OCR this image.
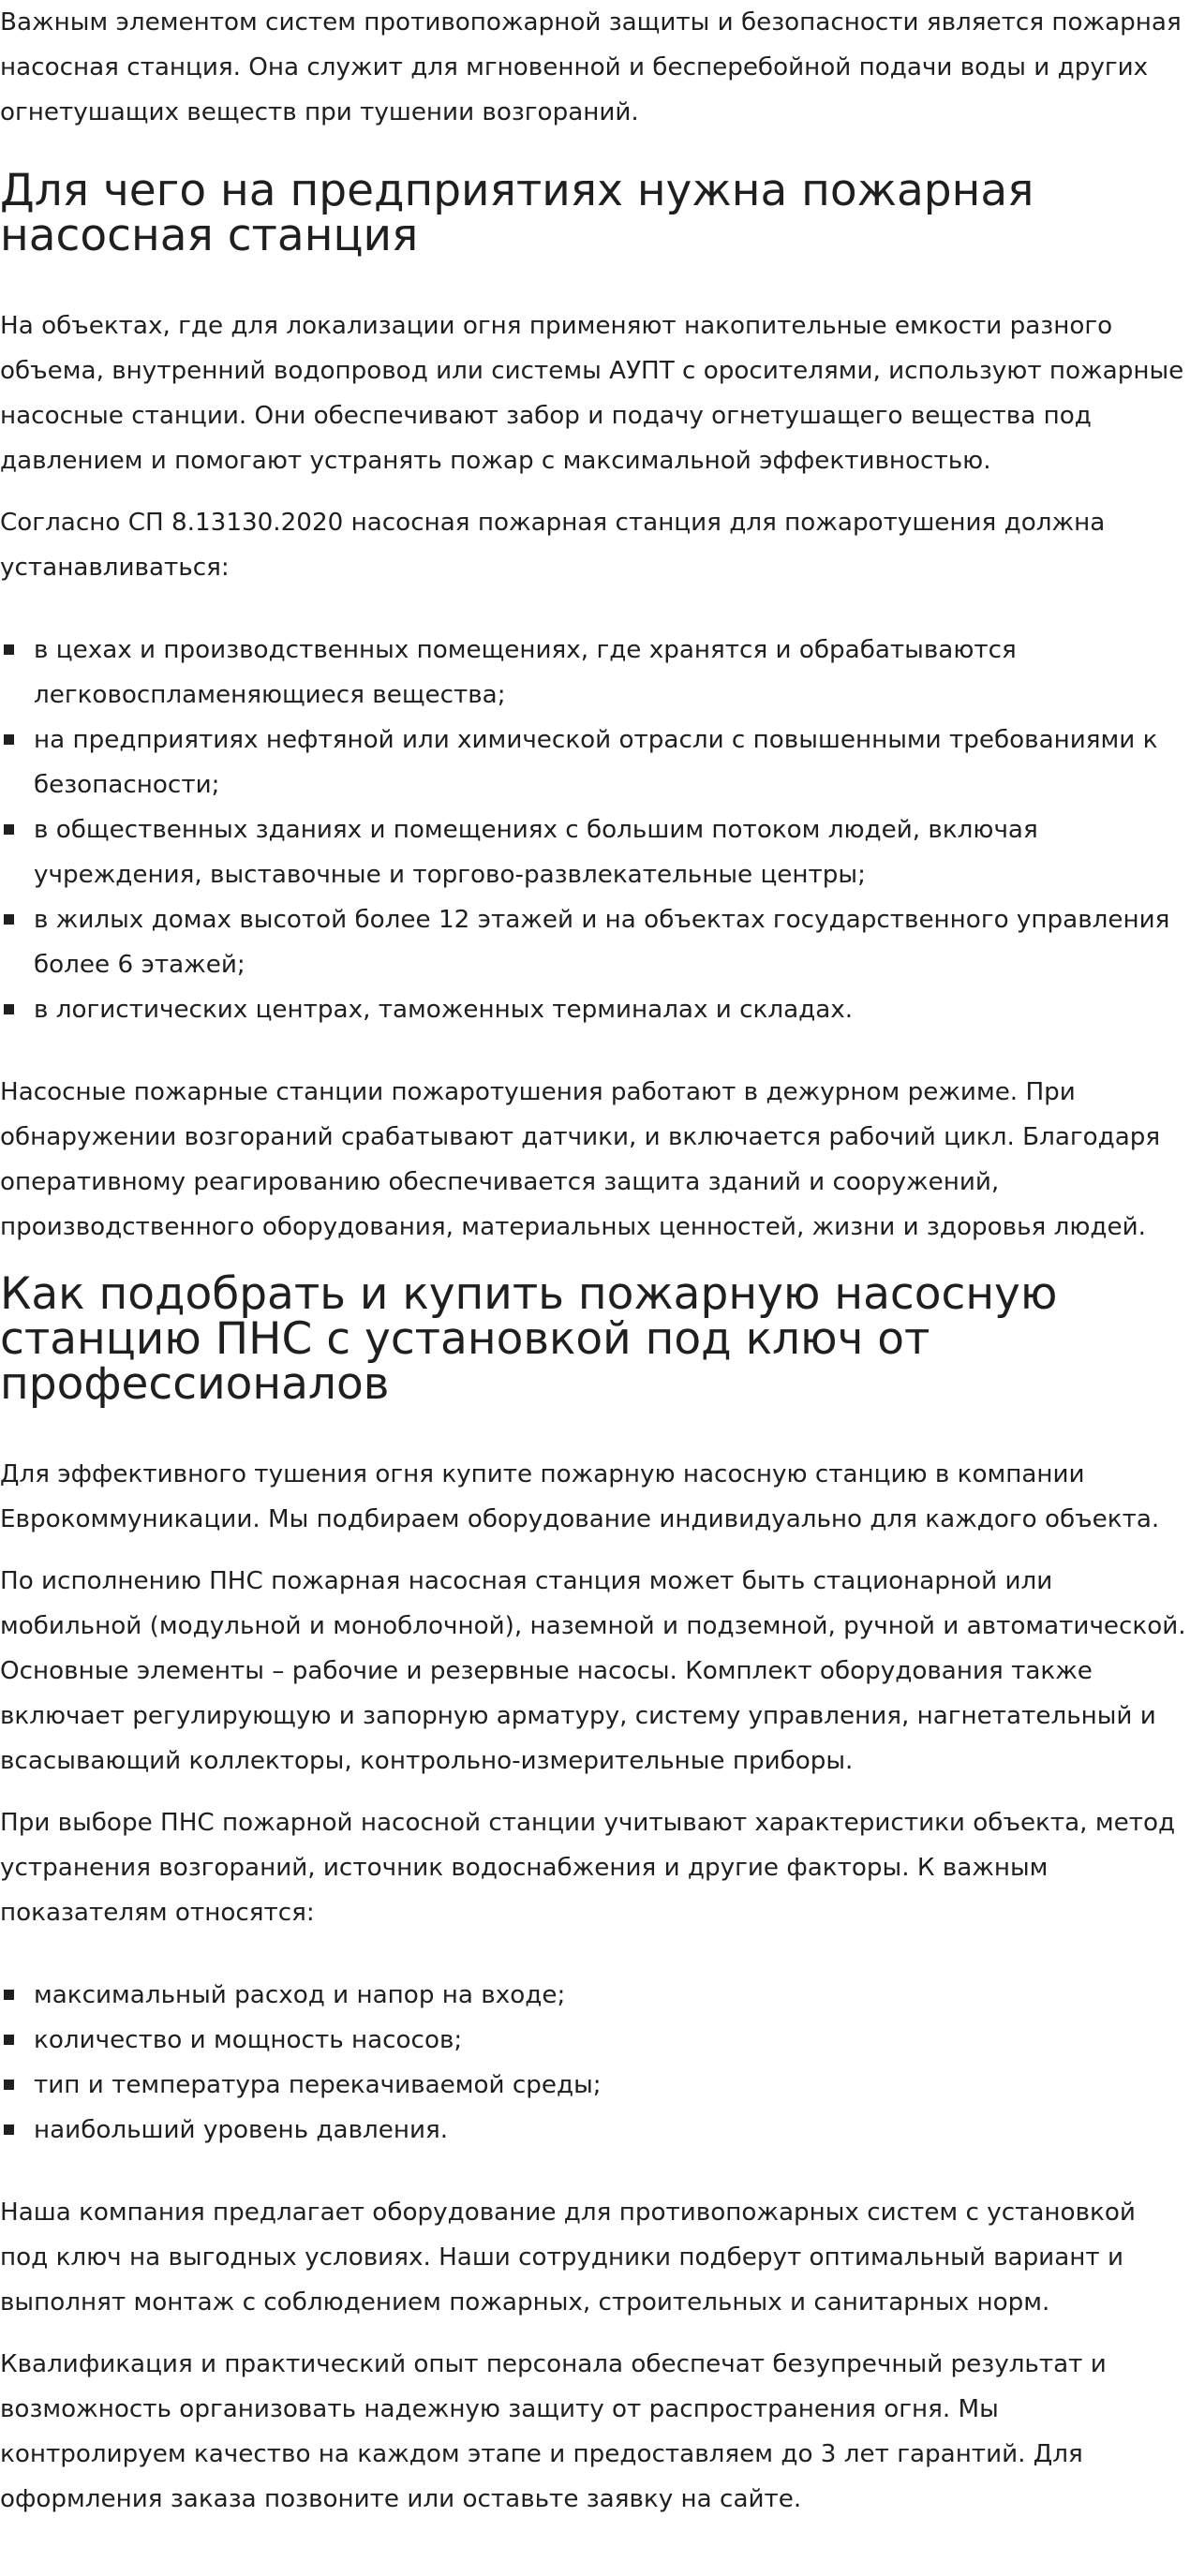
Важным элементом систем противопожарной защиты и безопасности является пожарная насосная станция. Она служит для мгновенной и бесперебойной подачи воды и других огнетушащих веществ при тушении возгораний.

Для чего на предприятиях нужна пожарная насосная станция

На объектах, где для локализации огня применяют накопительные емкости разного объема, внутренний водопровод или системы АУПТ с оросителями, используют пожарные насосные станции. Они обеспечивают забор и подачу огнетушащего вещества под давлением и помогают устранять пожар с максимальной эффективностью.

Согласно СП 8.13130.2020 насосная пожарная станция для пожаротушения должна устанавливаться:

в цехах и производственных помещениях, где хранятся и обрабатываются легковоспламеняющиеся вещества;
на предприятиях нефтяной или химической отрасли с повышенными требованиями к безопасности;
в общественных зданиях и помещениях с большим потоком людей, включая учреждения, выставочные и торгово-развлекательные центры;
в жилых домах высотой более 12 этажей и на объектах государственного управления более 6 этажей;
в логистических центрах, таможенных терминалах и складах.

Насосные пожарные станции пожаротушения работают в дежурном режиме. При обнаружении возгораний срабатывают датчики, и включается рабочий цикл. Благодаря оперативному реагированию обеспечивается защита зданий и сооружений, производственного оборудования, материальных ценностей, жизни и здоровья людей.

Как подобрать и купить пожарную насосную станцию ПНС с установкой под ключ от профессионалов

Для эффективного тушения огня купите пожарную насосную станцию в компании Еврокоммуникации. Мы подбираем оборудование индивидуально для каждого объекта.

По исполнению ПНС пожарная насосная станция может быть стационарной или мобильной (модульной и моноблочной), наземной и подземной, ручной и автоматической. Основные элементы – рабочие и резервные насосы. Комплект оборудования также включает регулирующую и запорную арматуру, систему управления, нагнетательный и всасывающий коллекторы, контрольно-измерительные приборы.

При выборе ПНС пожарной насосной станции учитывают характеристики объекта, метод устранения возгораний, источник водоснабжения и другие факторы. К важным показателям относятся:

максимальный расход и напор на входе;
количество и мощность насосов;
тип и температура перекачиваемой среды;
наибольший уровень давления.

Наша компания предлагает оборудование для противопожарных систем с установкой под ключ на выгодных условиях. Наши сотрудники подберут оптимальный вариант и выполнят монтаж с соблюдением пожарных, строительных и санитарных норм.

Квалификация и практический опыт персонала обеспечат безупречный результат и возможность организовать надежную защиту от распространения огня. Мы контролируем качество на каждом этапе и предоставляем до 3 лет гарантий. Для оформления заказа позвоните или оставьте заявку на сайте.
